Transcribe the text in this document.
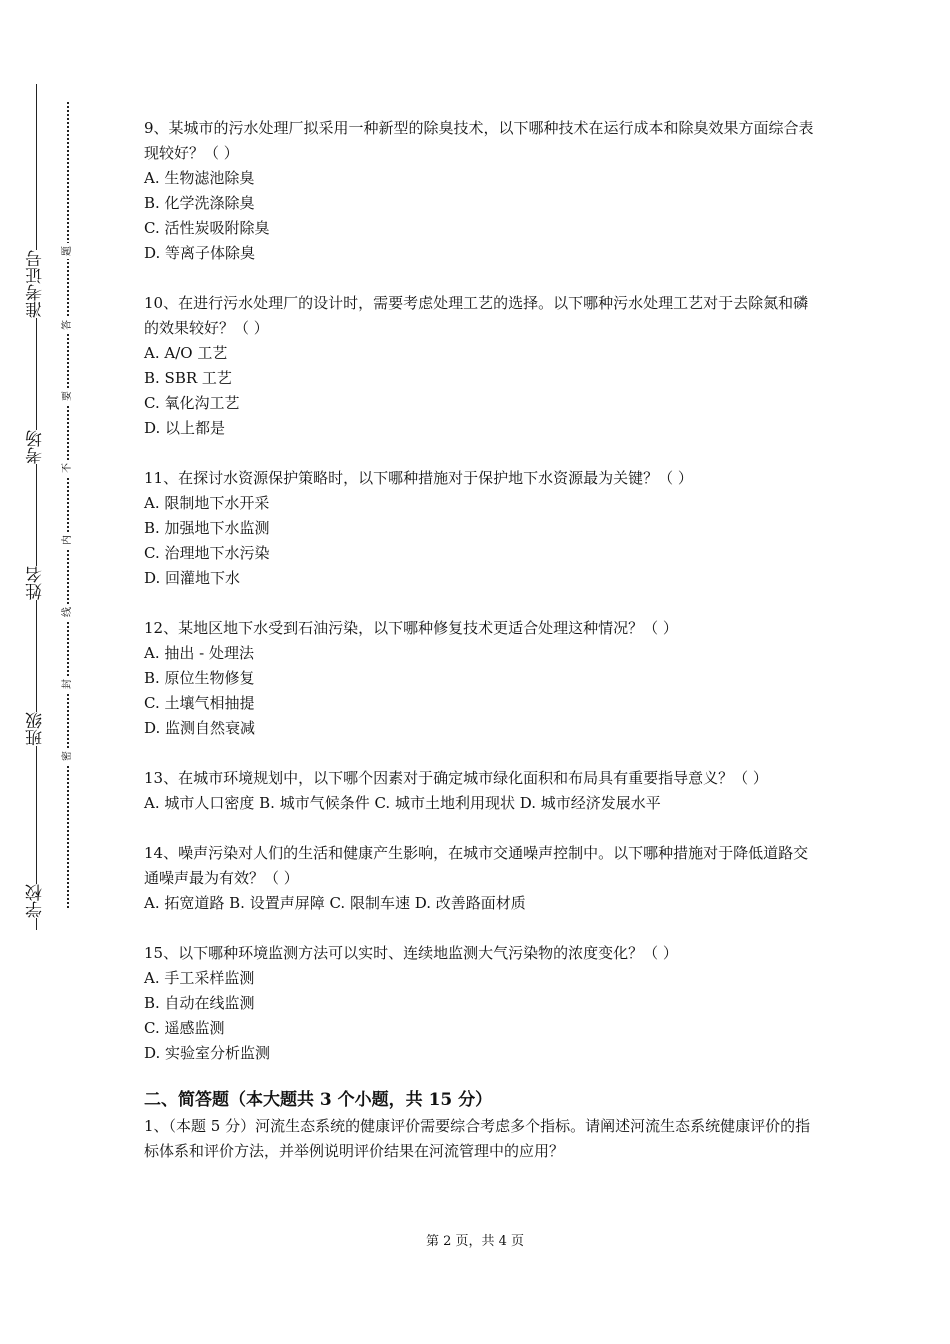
准考证号
考场
姓名
班级
学校
题
答
要
不
内
线
封
密

9、某城市的污水处理厂拟采用一种新型的除臭技术，以下哪种技术在运行成本和除臭效果方面综合表现较好？（ ）

A. 生物滤池除臭

B. 化学洗涤除臭

C. 活性炭吸附除臭

D. 等离子体除臭

10、在进行污水处理厂的设计时，需要考虑处理工艺的选择。以下哪种污水处理工艺对于去除氮和磷的效果较好？（ ）

A. A/O 工艺

B. SBR 工艺

C. 氧化沟工艺

D. 以上都是

11、在探讨水资源保护策略时，以下哪种措施对于保护地下水资源最为关键？（ ）

A. 限制地下水开采

B. 加强地下水监测

C. 治理地下水污染

D. 回灌地下水

12、某地区地下水受到石油污染，以下哪种修复技术更适合处理这种情况？（ ）

A. 抽出 - 处理法

B. 原位生物修复

C. 土壤气相抽提

D. 监测自然衰减

13、在城市环境规划中，以下哪个因素对于确定城市绿化面积和布局具有重要指导意义？（ ）

A. 城市人口密度 B. 城市气候条件 C. 城市土地利用现状 D. 城市经济发展水平

14、噪声污染对人们的生活和健康产生影响，在城市交通噪声控制中。以下哪种措施对于降低道路交通噪声最为有效？（ ）

A. 拓宽道路 B. 设置声屏障 C. 限制车速 D. 改善路面材质

15、以下哪种环境监测方法可以实时、连续地监测大气污染物的浓度变化？（ ）

A. 手工采样监测

B. 自动在线监测

C. 遥感监测

D. 实验室分析监测

二、简答题（本大题共 3 个小题，共 15 分）

1、（本题 5 分）河流生态系统的健康评价需要综合考虑多个指标。请阐述河流生态系统健康评价的指标体系和评价方法，并举例说明评价结果在河流管理中的应用？

第 2 页，共 4 页
